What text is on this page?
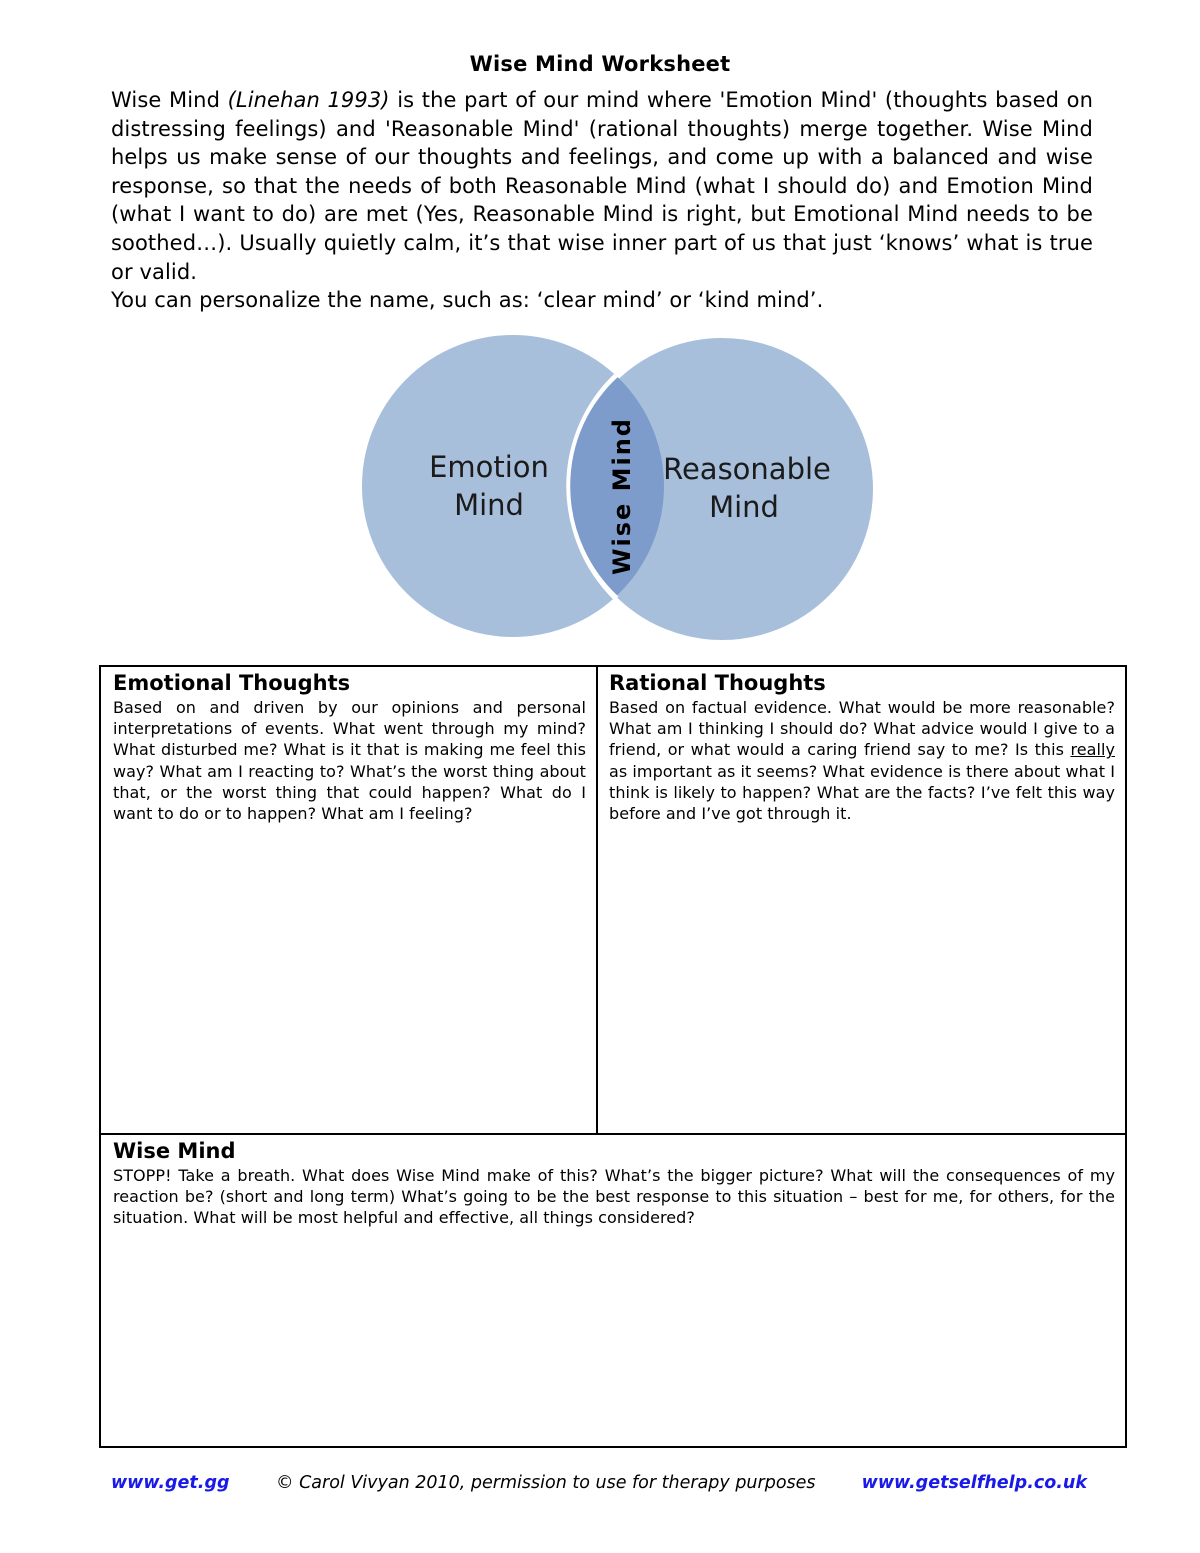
Wise Mind Worksheet
Wise Mind (Linehan 1993) is the part of our mind where 'Emotion Mind' (thoughts based on distressing feelings) and 'Reasonable Mind' (rational thoughts) merge together. Wise Mind helps us make sense of our thoughts and feelings, and come up with a balanced and wise response, so that the needs of both Reasonable Mind (what I should do) and Emotion Mind (what I want to do) are met (Yes, Reasonable Mind is right, but Emotional Mind needs to be soothed…). Usually quietly calm, it’s that wise inner part of us that just ‘knows’ what is true or valid.
You can personalize the name, such as: ‘clear mind’ or ‘kind mind’.
Emotion
Mind
Reasonable
Mind
Wise Mind
Emotional Thoughts

Based on and driven by our opinions and personal interpretations of events. What went through my mind? What disturbed me? What is it that is making me feel this way? What am I reacting to? What’s the worst thing about that, or the worst thing that could happen? What do I want to do or to happen? What am I feeling?

Rational Thoughts

Based on factual evidence. What would be more reasonable? What am I thinking I should do? What advice would I give to a friend, or what would a caring friend say to me? Is this really as important as it seems? What evidence is there about what I think is likely to happen? What are the facts? I’ve felt this way before and I’ve got through it.

Wise Mind

STOPP! Take a breath. What does Wise Mind make of this? What’s the bigger picture? What will the consequences of my reaction be? (short and long term) What’s going to be the best response to this situation – best for me, for others, for the situation. What will be most helpful and effective, all things considered?

www.get.gg	© Carol Vivyan 2010, permission to use for therapy purposes	www.getselfhelp.co.uk
